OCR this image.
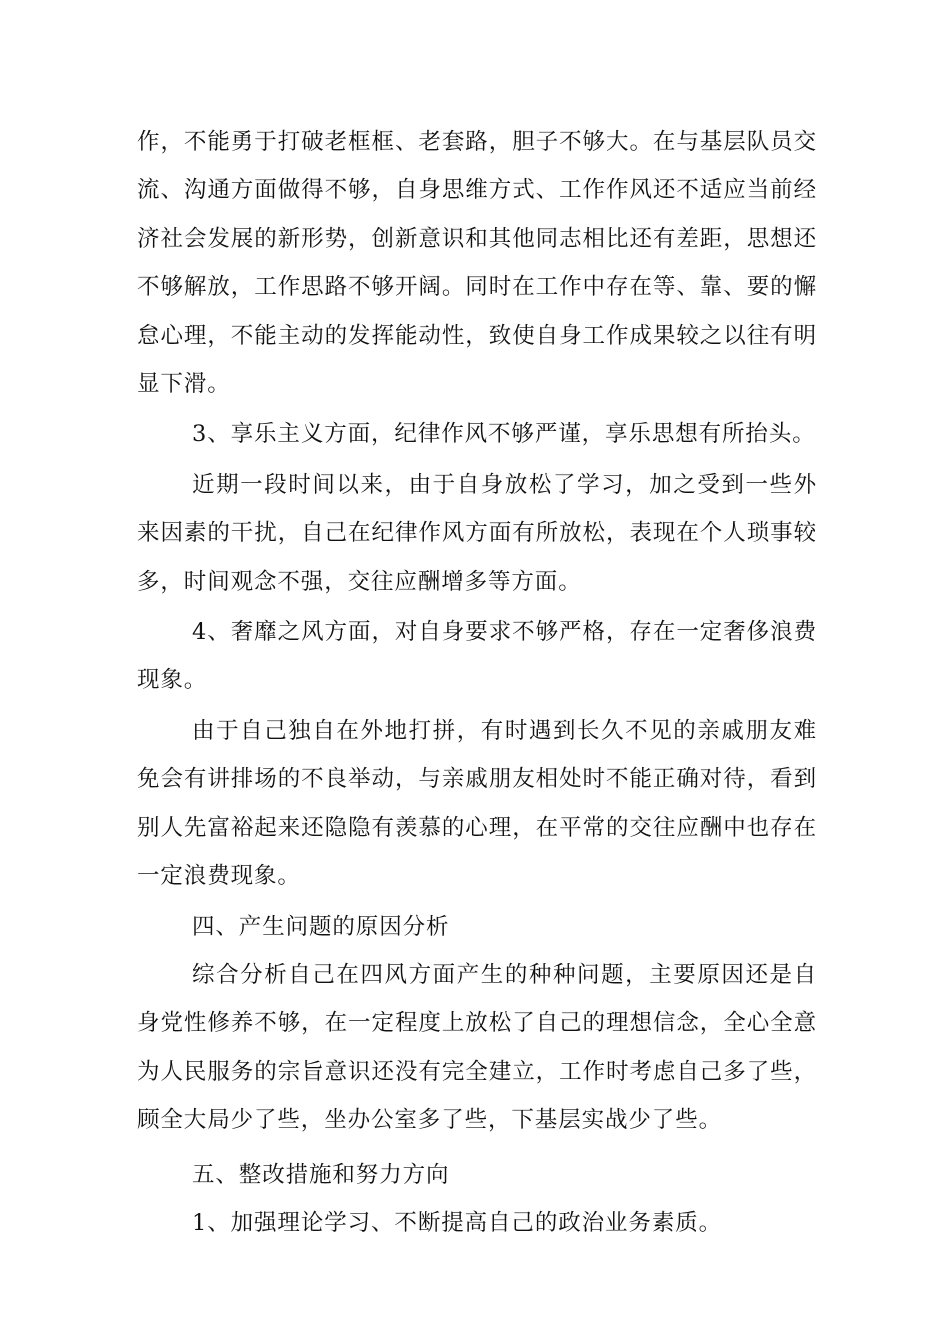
作，不能勇于打破老框框、老套路，胆子不够大。在与基层队员交流、沟通方面做得不够，自身思维方式、工作作风还不适应当前经济社会发展的新形势，创新意识和其他同志相比还有差距，思想还不够解放，工作思路不够开阔。同时在工作中存在等、靠、要的懈怠心理，不能主动的发挥能动性，致使自身工作成果较之以往有明显下滑。

3、享乐主义方面，纪律作风不够严谨，享乐思想有所抬头。

近期一段时间以来，由于自身放松了学习，加之受到一些外来因素的干扰，自己在纪律作风方面有所放松，表现在个人琐事较多，时间观念不强，交往应酬增多等方面。

4、奢靡之风方面，对自身要求不够严格，存在一定奢侈浪费现象。

由于自己独自在外地打拼，有时遇到长久不见的亲戚朋友难免会有讲排场的不良举动，与亲戚朋友相处时不能正确对待，看到别人先富裕起来还隐隐有羡慕的心理，在平常的交往应酬中也存在一定浪费现象。

四、产生问题的原因分析

综合分析自己在四风方面产生的种种问题，主要原因还是自身党性修养不够，在一定程度上放松了自己的理想信念，全心全意为人民服务的宗旨意识还没有完全建立，工作时考虑自己多了些，顾全大局少了些，坐办公室多了些，下基层实战少了些。

五、整改措施和努力方向

1、加强理论学习、不断提高自己的政治业务素质。
